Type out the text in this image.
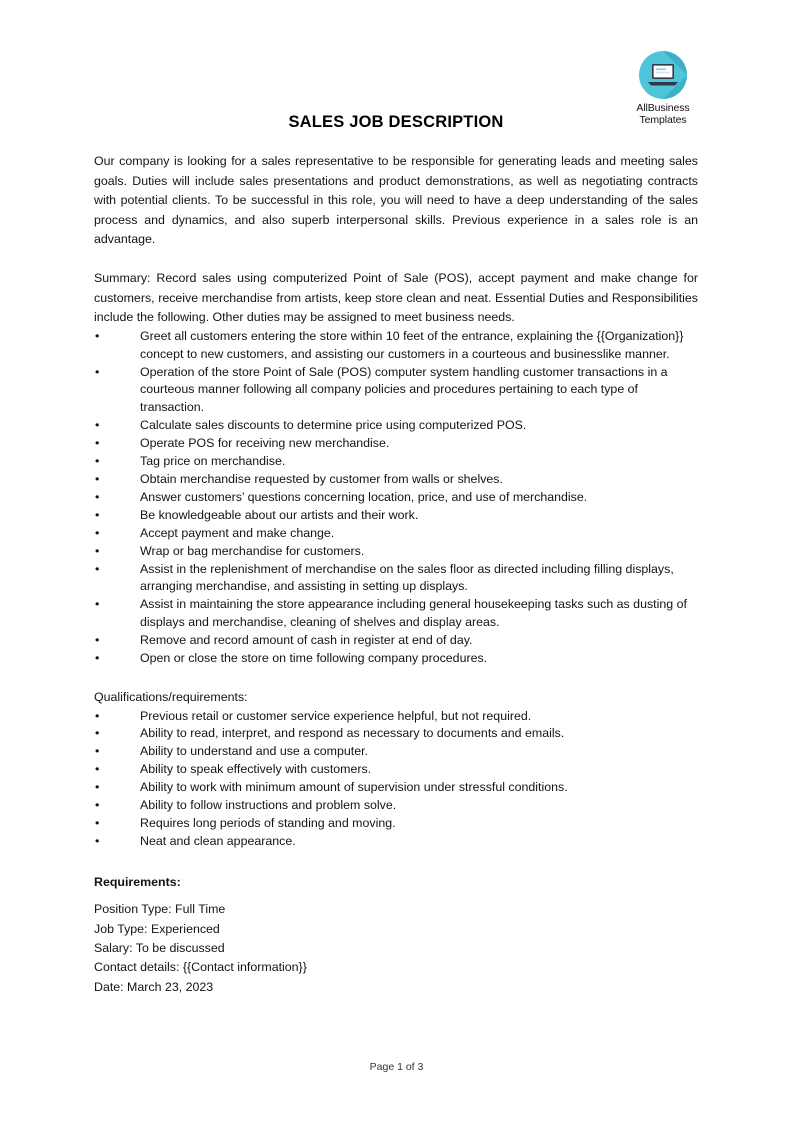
AllBusiness
Templates
SALES JOB DESCRIPTION

Our company is looking for a sales representative to be responsible for generating leads and meeting sales goals. Duties will include sales presentations and product demonstrations, as well as negotiating contracts with potential clients. To be successful in this role, you will need to have a deep understanding of the sales process and dynamics, and also superb interpersonal skills. Previous experience in a sales role is an advantage.

Summary: Record sales using computerized Point of Sale (POS), accept payment and make change for customers, receive merchandise from artists, keep store clean and neat. Essential Duties and Responsibilities include the following. Other duties may be assigned to meet business needs.

•	Greet all customers entering the store within 10 feet of the entrance, explaining the {{Organization}} concept to new customers, and assisting our customers in a courteous and businesslike manner.
•	Operation of the store Point of Sale (POS) computer system handling customer transactions in a courteous manner following all company policies and procedures pertaining to each type of transaction.
•	Calculate sales discounts to determine price using computerized POS.
•	Operate POS for receiving new merchandise.
•	Tag price on merchandise.
•	Obtain merchandise requested by customer from walls or shelves.
•	Answer customers’ questions concerning location, price, and use of merchandise.
•	Be knowledgeable about our artists and their work.
•	Accept payment and make change.
•	Wrap or bag merchandise for customers.
•	Assist in the replenishment of merchandise on the sales floor as directed including filling displays, arranging merchandise, and assisting in setting up displays.
•	Assist in maintaining the store appearance including general housekeeping tasks such as dusting of displays and merchandise, cleaning of shelves and display areas.
•	Remove and record amount of cash in register at end of day.
•	Open or close the store on time following company procedures.

Qualifications/requirements:

•	Previous retail or customer service experience helpful, but not required.
•	Ability to read, interpret, and respond as necessary to documents and emails.
•	Ability to understand and use a computer.
•	Ability to speak effectively with customers.
•	Ability to work with minimum amount of supervision under stressful conditions.
•	Ability to follow instructions and problem solve.
•	Requires long periods of standing and moving.
•	Neat and clean appearance.

Requirements:

Position Type: Full Time
Job Type: Experienced
Salary: To be discussed
Contact details: {{Contact information}}
Date: March 23, 2023
Page 1 of 3
